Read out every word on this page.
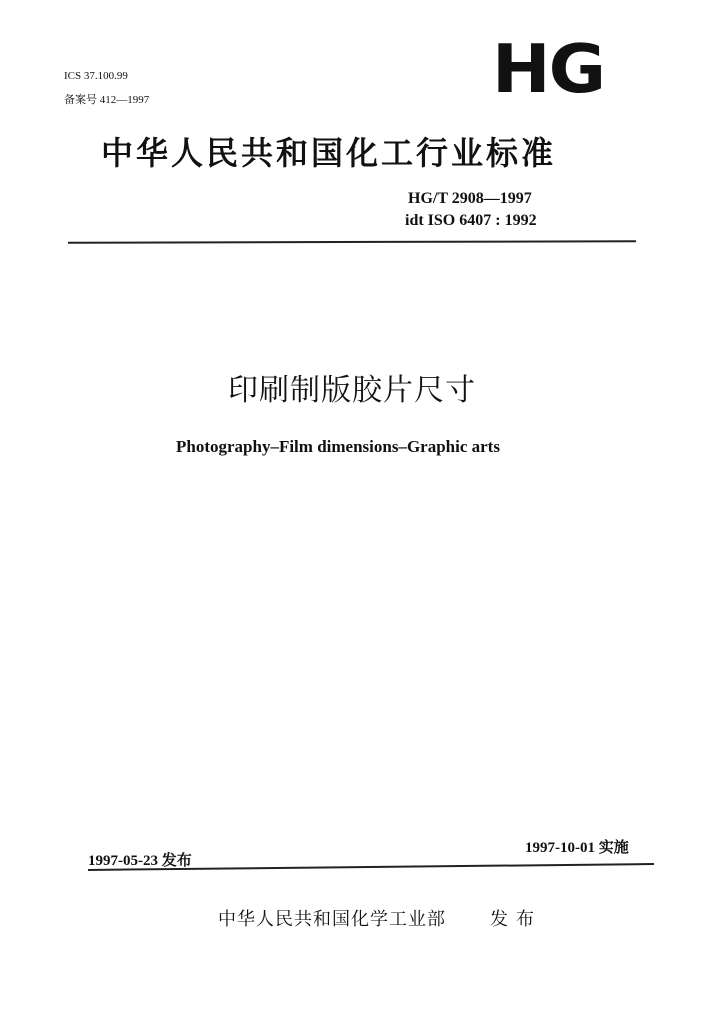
ICS 37.100.99
备案号 412—1997	HG
中华人民共和国化工行业标准
HG/T 2908—1997
idt ISO 6407 : 1992
印刷制版胶片尺寸
Photography–Film dimensions–Graphic arts
1997-10-01 实施
1997-05-23 发布
中华人民共和国化学工业部 发布
